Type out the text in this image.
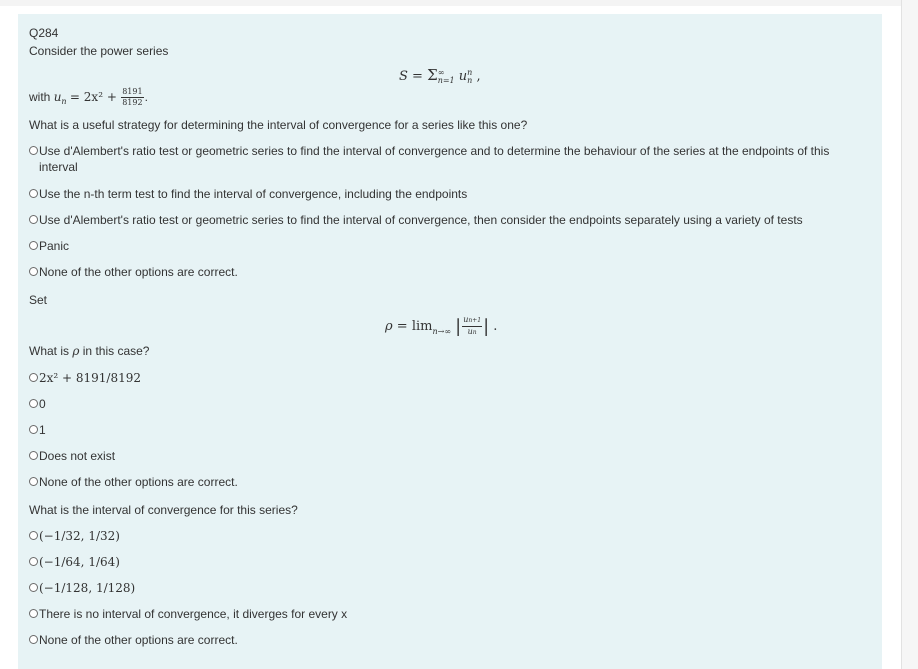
Q284
Consider the power series
S = Σ ∞
n=1 u n
n ,
with $u_n = 2x^2 + \frac{8191}{8192}$ .
What is a useful strategy for determining the interval of convergence for a series like this one?
Use d'Alembert's ratio test or geometric series to find the interval of convergence and to determine the behaviour of the series at the endpoints of this interval
Use the n-th term test to find the interval of convergence, including the endpoints
Use d'Alembert's ratio test or geometric series to find the interval of convergence, then consider the endpoints separately using a variety of tests
Panic
None of the other options are correct.
Set
ρ = limn→∞ | $\frac{un+1}{un}$ | .
What is ρ in this case?
2x² + 8191/8192
0
1
Does not exist
None of the other options are correct.
What is the interval of convergence for this series?
(−1/32, 1/32)
(−1/64, 1/64)
(−1/128, 1/128)
There is no interval of convergence, it diverges for every x
None of the other options are correct.
